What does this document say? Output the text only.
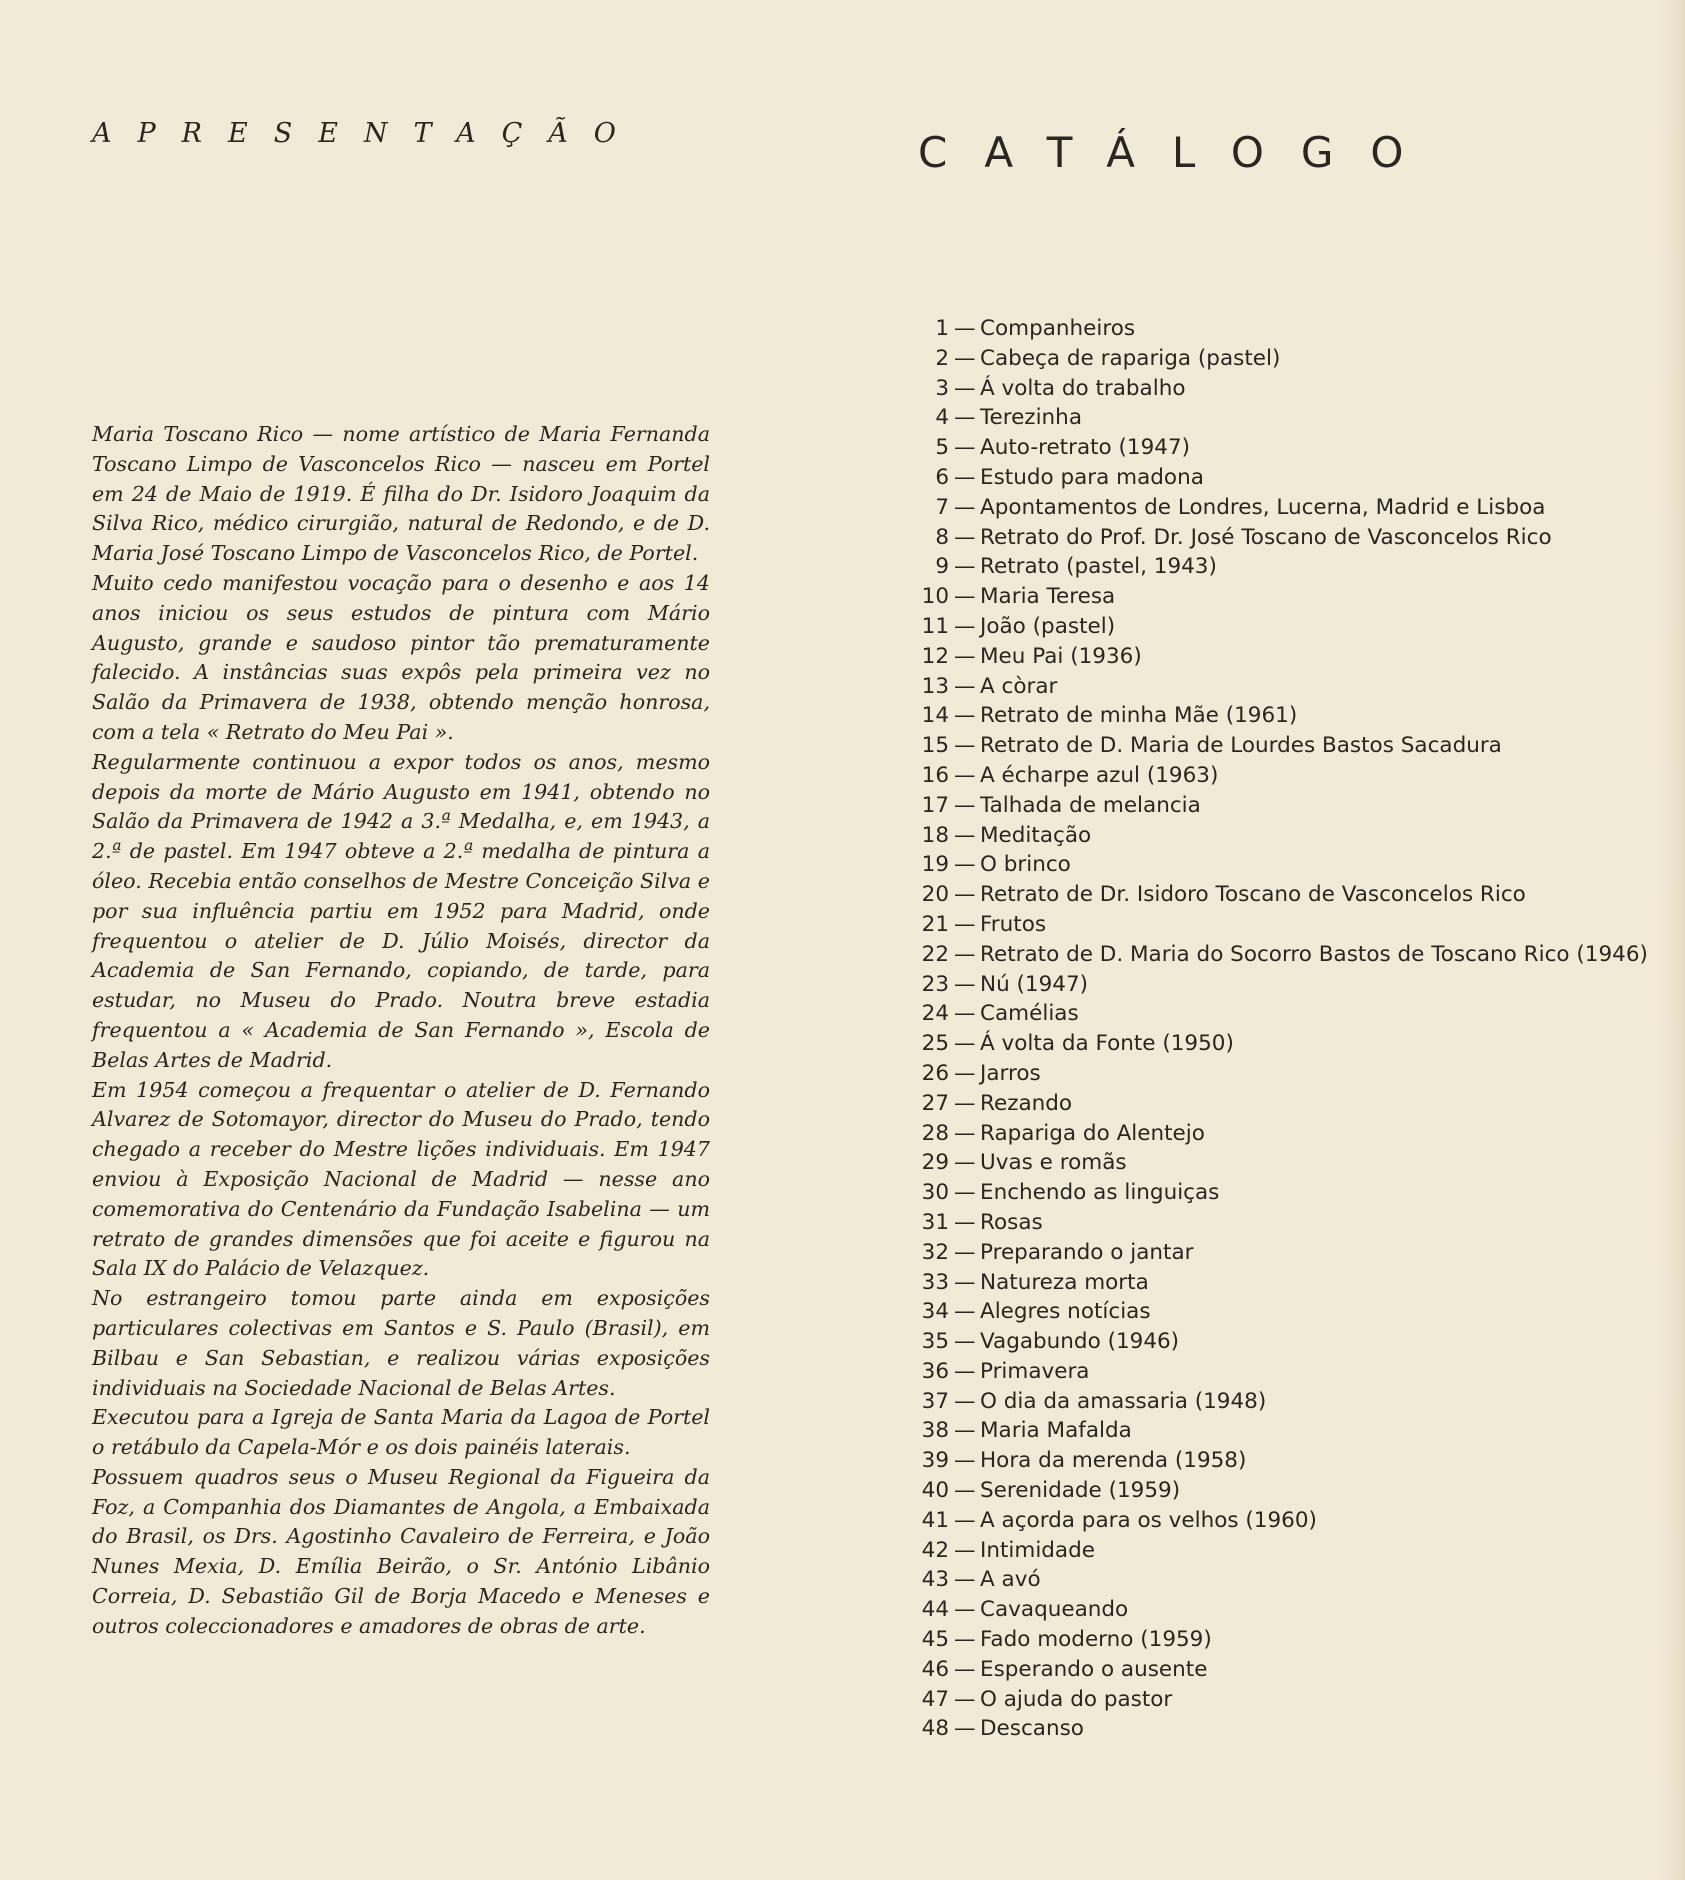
APRESENTAÇÃO

Maria Toscano Rico — nome artístico de Maria Fernanda Toscano Limpo de Vasconcelos Rico — nasceu em Portel em 24 de Maio de 1919. É filha do Dr. Isidoro Joaquim da Silva Rico, médico cirurgião, natural de Redondo, e de D. Maria José Toscano Limpo de Vasconcelos Rico, de Portel.

Muito cedo manifestou vocação para o desenho e aos 14 anos iniciou os seus estudos de pintura com Mário Augusto, grande e saudoso pintor tão prematuramente falecido. A instâncias suas expôs pela primeira vez no Salão da Primavera de 1938, obtendo menção honrosa, com a tela « Retrato do Meu Pai ».

Regularmente continuou a expor todos os anos, mesmo depois da morte de Mário Augusto em 1941, obtendo no Salão da Primavera de 1942 a 3.ª Medalha, e, em 1943, a 2.ª de pastel. Em 1947 obteve a 2.ª medalha de pintura a óleo. Recebia então conselhos de Mestre Conceição Silva e por sua influência partiu em 1952 para Madrid, onde frequentou o atelier de D. Júlio Moisés, director da Academia de San Fernando, copiando, de tarde, para estudar, no Museu do Prado. Noutra breve estadia frequentou a « Academia de San Fernando », Escola de Belas Artes de Madrid.

Em 1954 começou a frequentar o atelier de D. Fernando Alvarez de Sotomayor, director do Museu do Prado, tendo chegado a receber do Mestre lições individuais. Em 1947 enviou à Exposição Nacional de Madrid — nesse ano comemorativa do Centenário da Fundação Isabelina — um retrato de grandes dimensões que foi aceite e figurou na Sala IX do Palácio de Velazquez.

No estrangeiro tomou parte ainda em exposições particulares colectivas em Santos e S. Paulo (Brasil), em Bilbau e San Sebastian, e realizou várias exposições individuais na Sociedade Nacional de Belas Artes.

Executou para a Igreja de Santa Maria da Lagoa de Portel o retábulo da Capela-Mór e os dois painéis laterais.

Possuem quadros seus o Museu Regional da Figueira da Foz, a Companhia dos Diamantes de Angola, a Embaixada do Brasil, os Drs. Agostinho Cavaleiro de Ferreira, e João Nunes Mexia, D. Emília Beirão, o Sr. António Libânio Correia, D. Sebastião Gil de Borja Macedo e Meneses e outros coleccionadores e amadores de obras de arte.

CATÁLOGO
1 — Companheiros
2 — Cabeça de rapariga (pastel)
3 — Á volta do trabalho
4 — Terezinha
5 — Auto-retrato (1947)
6 — Estudo para madona
7 — Apontamentos de Londres, Lucerna, Madrid e Lisboa
8 — Retrato do Prof. Dr. José Toscano de Vasconcelos Rico
9 — Retrato (pastel, 1943)
10 — Maria Teresa
11 — João (pastel)
12 — Meu Pai (1936)
13 — A còrar
14 — Retrato de minha Mãe (1961)
15 — Retrato de D. Maria de Lourdes Bastos Sacadura
16 — A écharpe azul (1963)
17 — Talhada de melancia
18 — Meditação
19 — O brinco
20 — Retrato de Dr. Isidoro Toscano de Vasconcelos Rico
21 — Frutos
22 — Retrato de D. Maria do Socorro Bastos de Toscano Rico (1946)
23 — Nú (1947)
24 — Camélias
25 — Á volta da Fonte (1950)
26 — Jarros
27 — Rezando
28 — Rapariga do Alentejo
29 — Uvas e romãs
30 — Enchendo as linguiças
31 — Rosas
32 — Preparando o jantar
33 — Natureza morta
34 — Alegres notícias
35 — Vagabundo (1946)
36 — Primavera
37 — O dia da amassaria (1948)
38 — Maria Mafalda
39 — Hora da merenda (1958)
40 — Serenidade (1959)
41 — A açorda para os velhos (1960)
42 — Intimidade
43 — A avó
44 — Cavaqueando
45 — Fado moderno (1959)
46 — Esperando o ausente
47 — O ajuda do pastor
48 — Descanso
